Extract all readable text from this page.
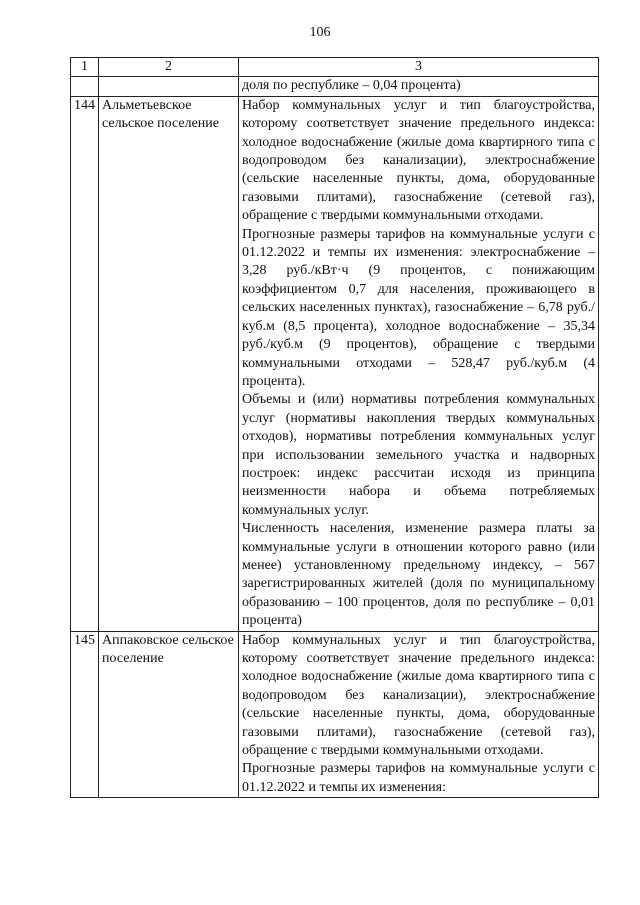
106
1	2	3

		доля по республике – 0,04 процента)

144	Альметьевское сельское поселение	Набор коммунальных услуг и тип благоустройства, которому соответствует значение предельного индекса: холодное водоснабжение (жилые дома квартирного типа с водопроводом без канализации), электроснабжение (сельские населенные пункты, дома, оборудованные газовыми плитами), газоснабжение (сетевой газ), обращение с твердыми коммунальными отходами.

Прогнозные размеры тарифов на коммунальные услуги с 01.12.2022 и темпы их изменения: электроснабжение – 3,28 руб./кВт·ч (9 процентов, с понижающим коэффициентом 0,7 для населения, проживающего в сельских населенных пунктах), газоснабжение – 6,78 руб./куб.м (8,5 процента), холодное водоснабжение – 35,34 руб./куб.м (9 процентов), обращение с твердыми коммунальными отходами – 528,47 руб./куб.м (4 процента).

Объемы и (или) нормативы потребления коммунальных услуг (нормативы накопления твердых коммунальных отходов), нормативы потребления коммунальных услуг при использовании земельного участка и надворных построек: индекс рассчитан исходя из принципа неизменности набора и объема потребляемых коммунальных услуг.

Численность населения, изменение размера платы за коммунальные услуги в отношении которого равно (или менее) установленному предельному индексу, – 567 зарегистрированных жителей (доля по муниципальному образованию – 100 процентов, доля по республике – 0,01 процента)

145	Аппаковское сельское поселение	Набор коммунальных услуг и тип благоустройства, которому соответствует значение предельного индекса: холодное водоснабжение (жилые дома квартирного типа с водопроводом без канализации), электроснабжение (сельские населенные пункты, дома, оборудованные газовыми плитами), газоснабжение (сетевой газ), обращение с твердыми коммунальными отходами.

Прогнозные размеры тарифов на коммунальные услуги с 01.12.2022 и темпы их изменения:
